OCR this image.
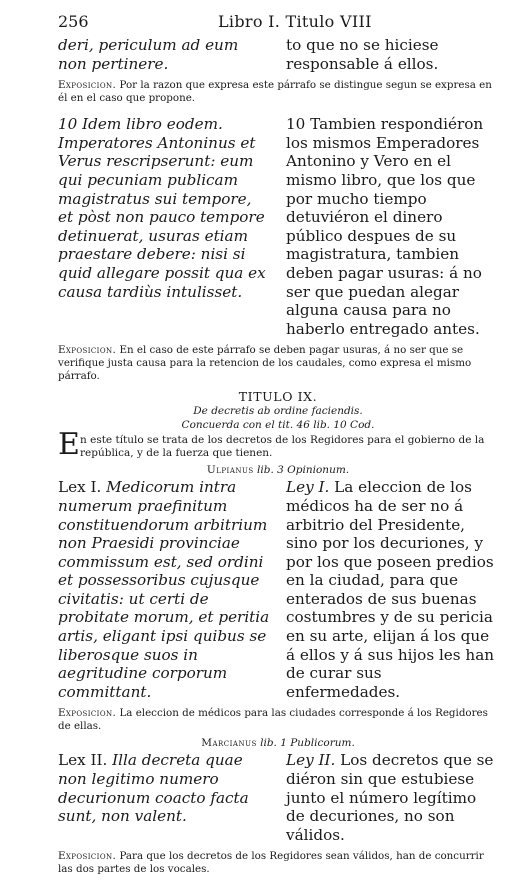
256	Libro I. Titulo VIII

deri, periculum ad eum non pertinere.

to que no se hiciese responsable á ellos.

Exposicion. Por la razon que expresa este párrafo se distingue segun se expresa en él en el caso que propone.

10 Idem libro eodem. Imperatores Antoninus et Verus rescripserunt: eum qui pecuniam publicam magistratus sui tempore, et pòst non pauco tempore detinuerat, usuras etiam praestare debere: nisi si quid allegare possit qua ex causa tardiùs intulisset.

10 Tambien respondiéron los mismos Emperadores Antonino y Vero en el mismo libro, que los que por mucho tiempo detuviéron el dinero público despues de su magistratura, tambien deben pagar usuras: á no ser que puedan alegar alguna causa para no haberlo entregado antes.

Exposicion. En el caso de este párrafo se deben pagar usuras, á no ser que se verifique justa causa para la retencion de los caudales, como expresa el mismo párrafo.
TITULO IX.
De decretis ab ordine faciendis.
Concuerda con el tit. 46 lib. 10 Cod.
E n este título se trata de los decretos de los Regidores para el gobierno de la república, y de la fuerza que tienen.
Ulpianus lib. 3 Opinionum.

Lex I. Medicorum intra numerum praefinitum constituendorum arbitrium non Praesidi provinciae commissum est, sed ordini et possessoribus cujusque civitatis: ut certi de probitate morum, et peritia artis, eligant ipsi quibus se liberosque suos in aegritudine corporum committant.

Ley I. La eleccion de los médicos ha de ser no á arbitrio del Presidente, sino por los decuriones, y por los que poseen predios en la ciudad, para que enterados de sus buenas costumbres y de su pericia en su arte, elijan á los que á ellos y á sus hijos les han de curar sus enfermedades.

Exposicion. La eleccion de médicos para las ciudades corresponde á los Regidores de ellas.
Marcianus lib. 1 Publicorum.

Lex II. Illa decreta quae non legitimo numero decurionum coacto facta sunt, non valent.

Ley II. Los decretos que se diéron sin que estubiese junto el número legítimo de decuriones, no son válidos.

Exposicion. Para que los decretos de los Regidores sean válidos, han de concurrir las dos partes de los vocales.
